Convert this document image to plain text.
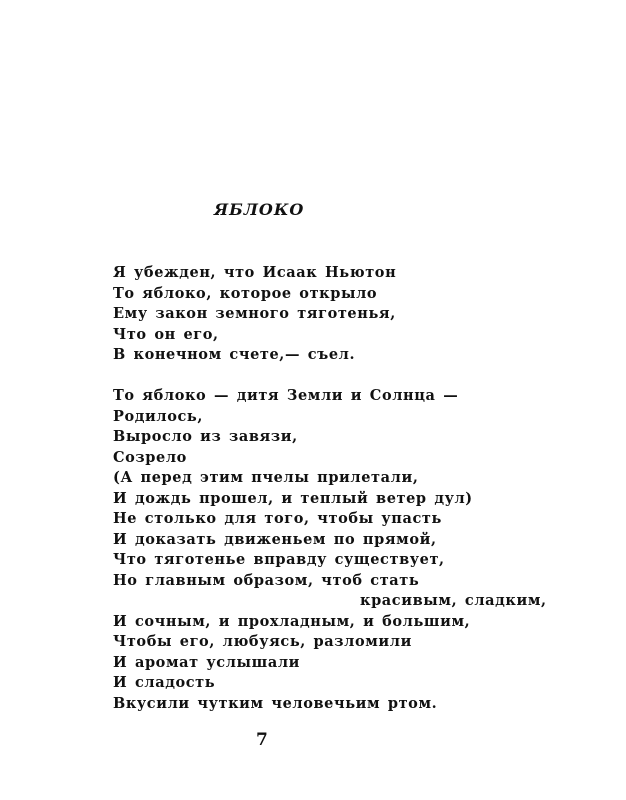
ЯБЛОКО
Я убежден, что Исаак Ньютон
То яблоко, которое открыло
Ему закон земного тяготенья,
Что он его,
В конечном счете,— съел.
То яблоко — дитя Земли и Солнца —
Родилось,
Выросло из завязи,
Созрело
(А перед этим пчелы прилетали,
И дождь прошел, и теплый ветер дул)
Не столько для того, чтобы упасть
И доказать движеньем по прямой,
Что тяготенье вправду существует,
Но главным образом, чтоб стать
красивым, сладким,
И сочным, и прохладным, и большим,
Чтобы его, любуясь, разломили
И аромат услышали
И сладость
Вкусили чутким человечьим ртом.
7
